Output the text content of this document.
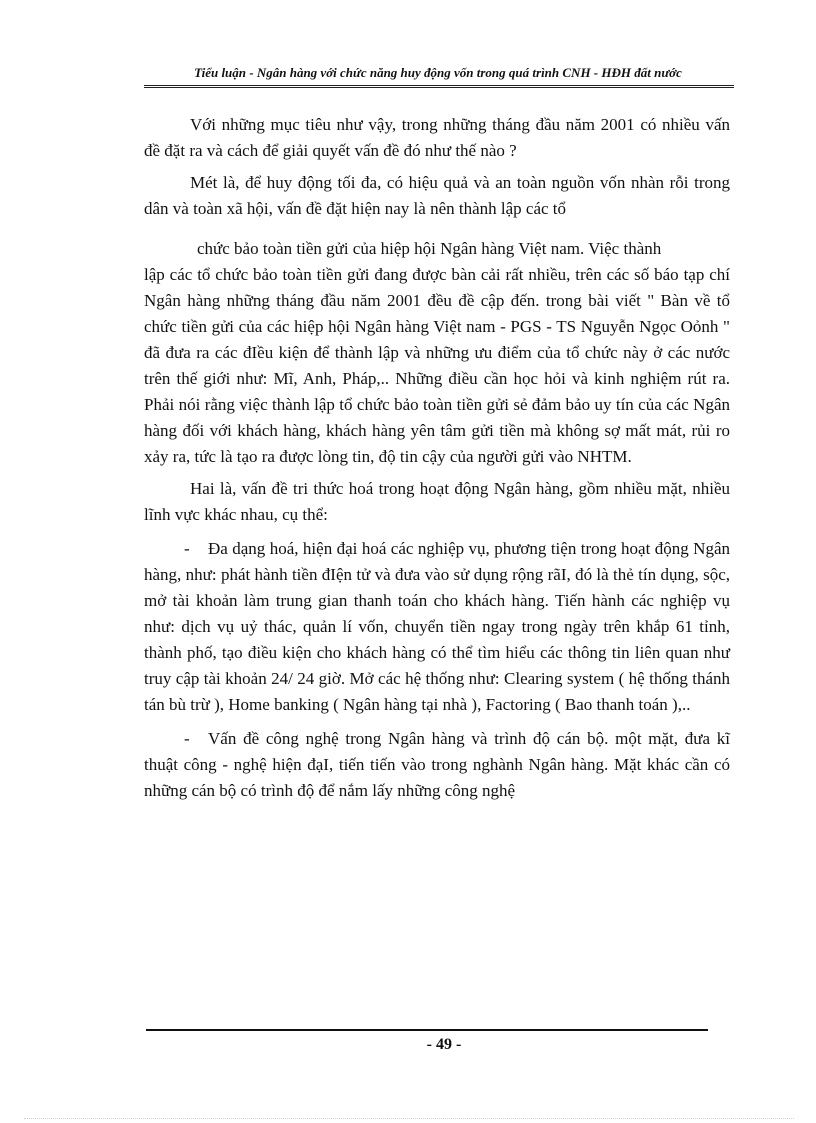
Tiểu luận - Ngân hàng với chức năng huy động vốn trong quá trình CNH - HĐH đất nước

Với những mục tiêu như vậy, trong những tháng đầu năm 2001 có nhiều vấn đề đặt ra và cách để giải quyết vấn đề đó như thế nào ?

Mét là, để huy động tối đa, có hiệu quả và an toàn nguồn vốn nhàn rỗi trong dân và toàn xã hội, vấn đề đặt hiện nay là nên thành lập các tổ

chức bảo toàn tiền gửi của hiệp hội Ngân hàng Việt nam. Việc thành

lập các tổ chức bảo toàn tiền gửi đang được bàn cải rất nhiều, trên các số báo tạp chí Ngân hàng những tháng đầu năm 2001 đều đề cập đến. trong bài viết " Bàn về tổ chức tiền gửi của các hiệp hội Ngân hàng Việt nam - PGS - TS Nguyễn Ngọc Oỏnh " đã đưa ra các đIều kiện để thành lập và những ưu điểm của tổ chức này ở các nước trên thế giới như: Mĩ, Anh, Pháp,.. Những điều cần học hỏi và kinh nghiệm rút ra. Phải nói rằng việc thành lập tổ chức bảo toàn tiền gửi sẻ đảm bảo uy tín của các Ngân hàng đối với khách hàng, khách hàng yên tâm gửi tiền mà không sợ mất mát, rủi ro xảy ra, tức là tạo ra được lòng tin, độ tin cậy của người gửi vào NHTM.

Hai là, vấn đề tri thức hoá trong hoạt động Ngân hàng, gồm nhiều mặt, nhiều lĩnh vực khác nhau, cụ thể:

- Đa dạng hoá, hiện đại hoá các nghiệp vụ, phương tiện trong hoạt động Ngân hàng, như: phát hành tiền đIện tử và đưa vào sử dụng rộng rãI, đó là thẻ tín dụng, sộc, mở tài khoản làm trung gian thanh toán cho khách hàng. Tiến hành các nghiệp vụ như: dịch vụ uỷ thác, quản lí vốn, chuyển tiền ngay trong ngày trên khắp 61 tỉnh, thành phố, tạo điều kiện cho khách hàng có thể tìm hiểu các thông tin liên quan như truy cập tài khoản 24/ 24 giờ. Mở các hệ thống như: Clearing system ( hệ thống thánh tán bù trừ ), Home banking ( Ngân hàng tại nhà ), Factoring ( Bao thanh toán ),..

- Vấn đề công nghệ trong Ngân hàng và trình độ cán bộ. một mặt, đưa kĩ thuật công - nghệ hiện đạI, tiến tiến vào trong nghành Ngân hàng. Mặt khác cần có những cán bộ có trình độ để nắm lấy những công nghệ

- 49 -
